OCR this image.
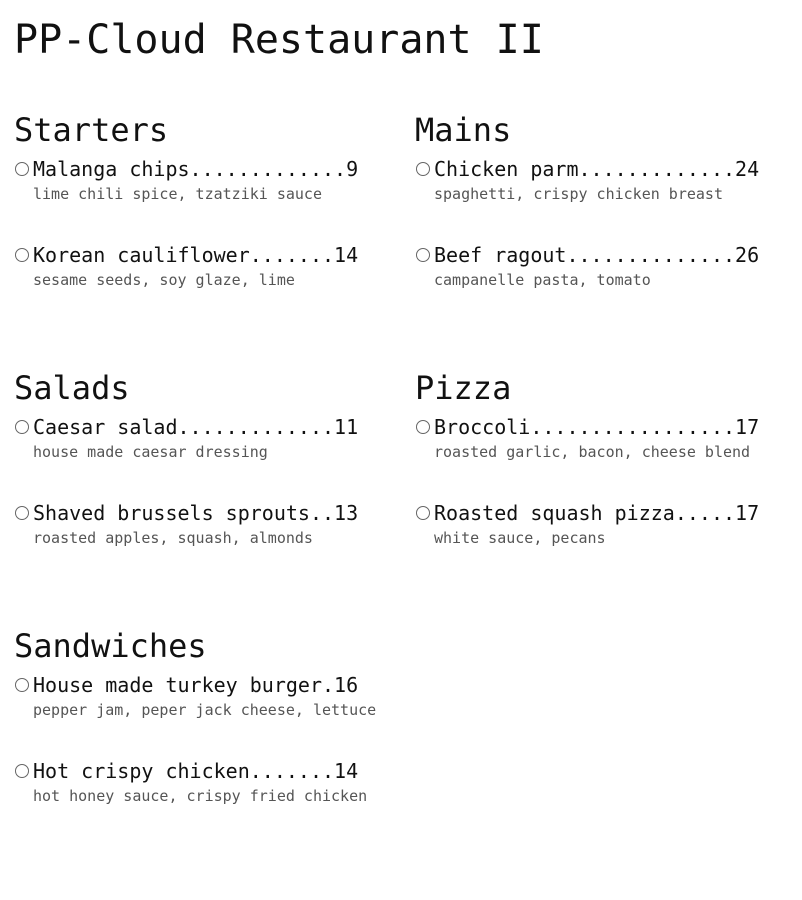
PP-Cloud Restaurant II
Starters
Malanga chips.............9
lime chili spice, tzatziki sauce
Korean cauliflower.......14
sesame seeds, soy glaze, lime
Mains
Chicken parm.............24
spaghetti, crispy chicken breast
Beef ragout..............26
campanelle pasta, tomato
Salads
Caesar salad.............11
house made caesar dressing
Shaved brussels sprouts..13
roasted apples, squash, almonds
Pizza
Broccoli.................17
roasted garlic, bacon, cheese blend
Roasted squash pizza.....17
white sauce, pecans
Sandwiches
House made turkey burger.16
pepper jam, peper jack cheese, lettuce
Hot crispy chicken.......14
hot honey sauce, crispy fried chicken
